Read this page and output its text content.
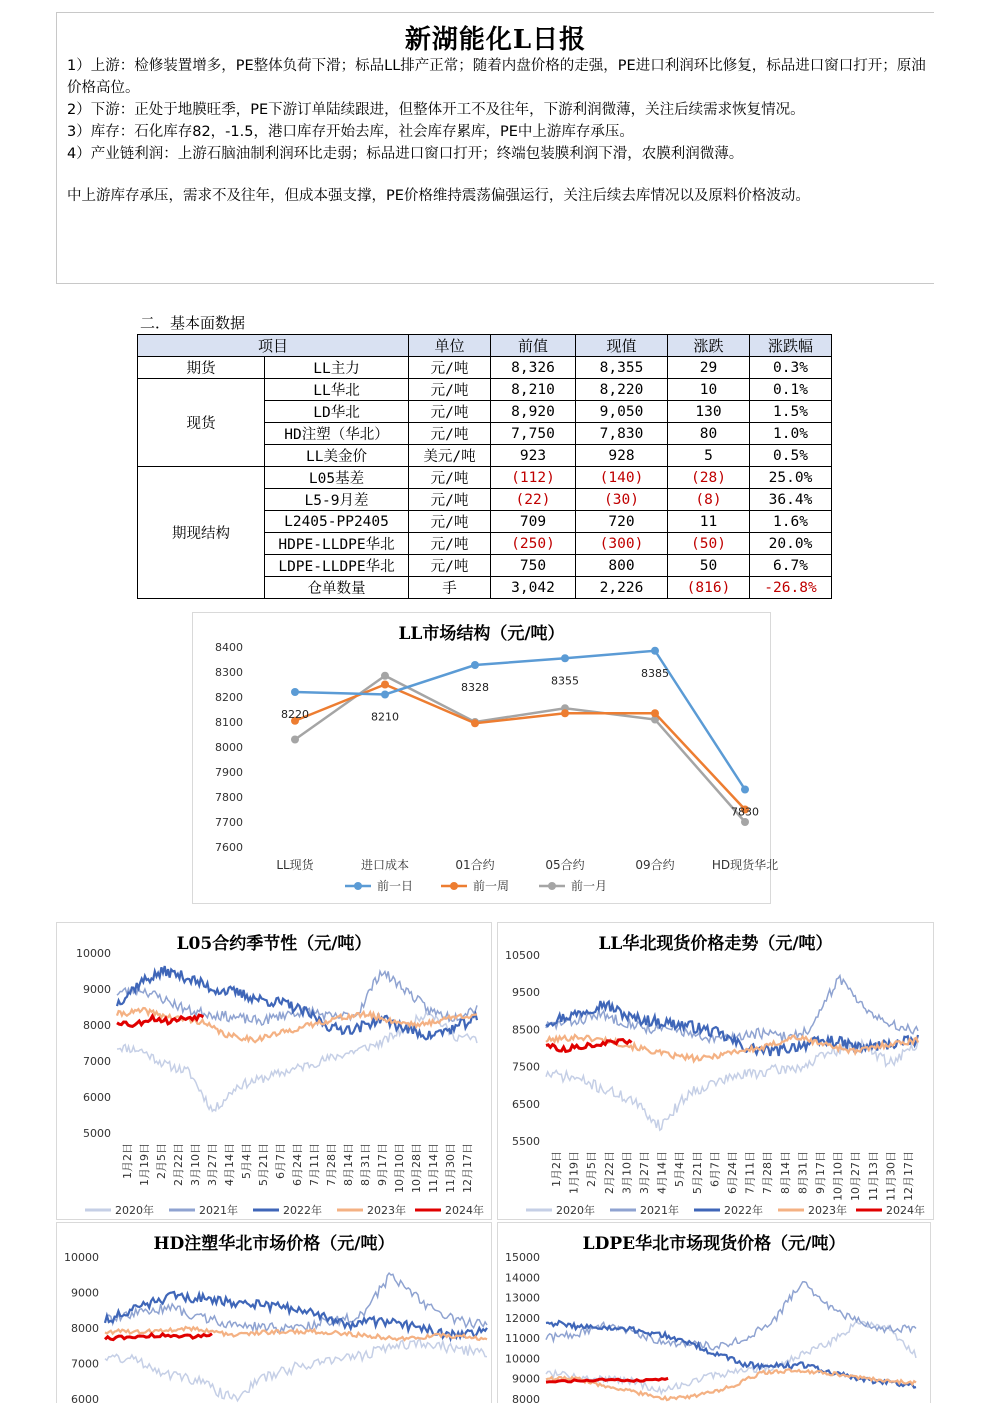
新湖能化L日报
1）上游：检修装置增多，PE整体负荷下滑；标品LL排产正常；随着内盘价格的走强，PE进口利润环比修复，标品进口窗口打开；原油价格高位。
2）下游：正处于地膜旺季，PE下游订单陆续跟进，但整体开工不及往年，下游利润微薄，关注后续需求恢复情况。
3）库存：石化库存82，-1.5，港口库存开始去库，社会库存累库，PE中上游库存承压。
4）产业链利润：上游石脑油制利润环比走弱；标品进口窗口打开；终端包装膜利润下滑，农膜利润微薄。
中上游库存承压，需求不及往年，但成本强支撑，PE价格维持震荡偏强运行，关注后续去库情况以及原料价格波动。
二．基本面数据
项目		单位	前值	现值	涨跌	涨跌幅
期货	LL主力	元/吨	8,326	8,355	29	0.3%
现货	LL华北	元/吨	8,210	8,220	10	0.1%
	LD华北	元/吨	8,920	9,050	130	1.5%
	HD注塑（华北）	元/吨	7,750	7,830	80	1.0%
	LL美金价	美元/吨	923	928	5	0.5%
期现结构	L05基差	元/吨	(112)	(140)	(28)	25.0%
	L5-9月差	元/吨	(22)	(30)	(8)	36.4%
	L2405-PP2405	元/吨	709	720	11	1.6%
	HDPE-LLDPE华北	元/吨	(250)	(300)	(50)	20.0%
	LDPE-LLDPE华北	元/吨	750	800	50	6.7%
	仓单数量	手	3,042	2,226	(816)	-26.8%
LL市场结构（元/吨）
7600
7700
7800
7900
8000
8100
8200
8300
8400
LL现货	进口成本	01合约	05合约	09合约	HD现货华北
8220	8210
8328
8355
8385
7830
前一日	前一周	前一月
L05合约季节性（元/吨）
10000
9000
8000
7000
6000
5000
1月2日 1月19日 2月5日 2月22日 3月10日 3月27日 4月14日 5月4日 5月21日 6月7日 6月24日 7月11日 7月28日 8月14日 8月31日 9月17日 10月10日 10月28日 11月14日 11月30日 12月17日
2020年	2021年	2022年	2023年	2024年
LL华北现货价格走势（元/吨）
10500
9500
8500
7500
6500
5500
1月2日 1月19日 2月5日 2月22日 3月10日 3月27日 4月14日 5月4日 5月21日 6月7日 6月24日 7月11日 7月28日 8月14日 8月31日 9月17日 10月10日 10月27日 11月13日 11月30日 12月17日
2020年	2021年	2022年	2023年	2024年
HD注塑华北市场价格（元/吨）
10000
9000
8000
7000
6000
LDPE华北市场现货价格（元/吨）
15000
14000
13000
12000
11000
10000
9000
8000
